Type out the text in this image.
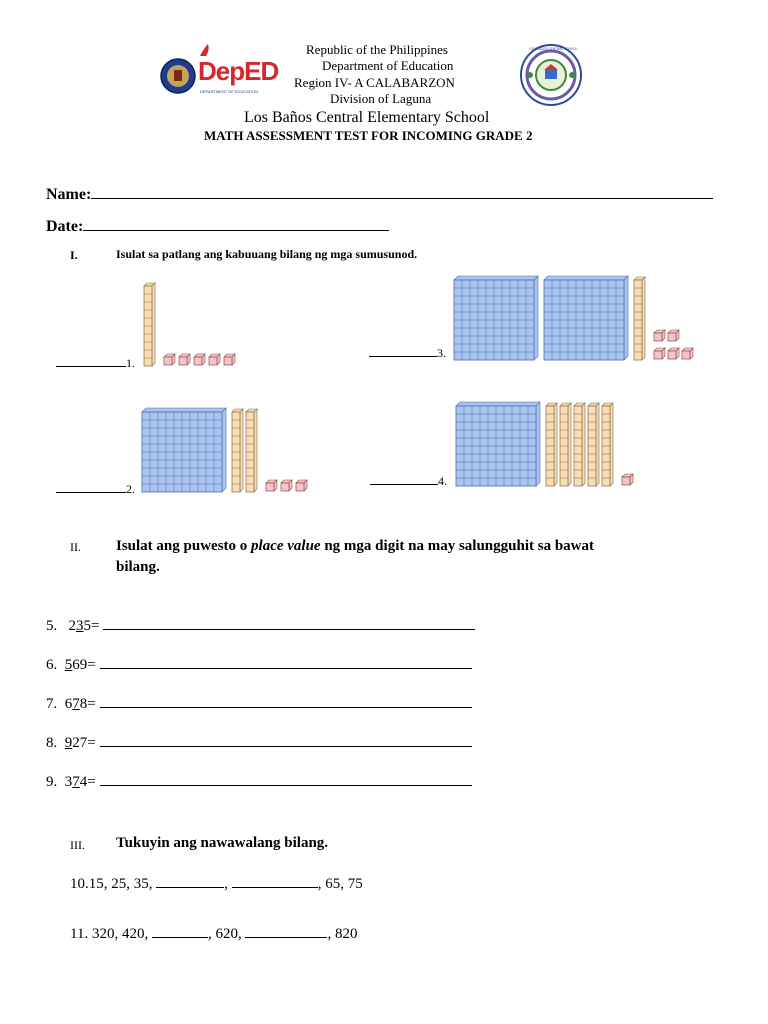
DepED
DEPARTMENT OF EDUCATION
Republic of the Philippines
Department of Education
Region IV- A CALABARZON
Division of Laguna
Los Baños Central Elementary School
MATH ASSESSMENT TEST FOR INCOMING GRADE 2
LOS BAÑOS CENTRAL SCHOOL
Name:
Date:
I.	Isulat sa patlang ang kabuuang bilang ng mga sumusunod.
1.
2.
3.
4.
II. Isulat ang puwesto o place value ng mga digit na may salungguhit sa bawat
bilang.
5. 235=
6. 569=
7. 678=
8. 927=
9. 374=
III. Tukuyin ang nawawalang bilang.
10.15, 25, 35,	,	, 65, 75
11. 320, 420,	, 620,	, 820
